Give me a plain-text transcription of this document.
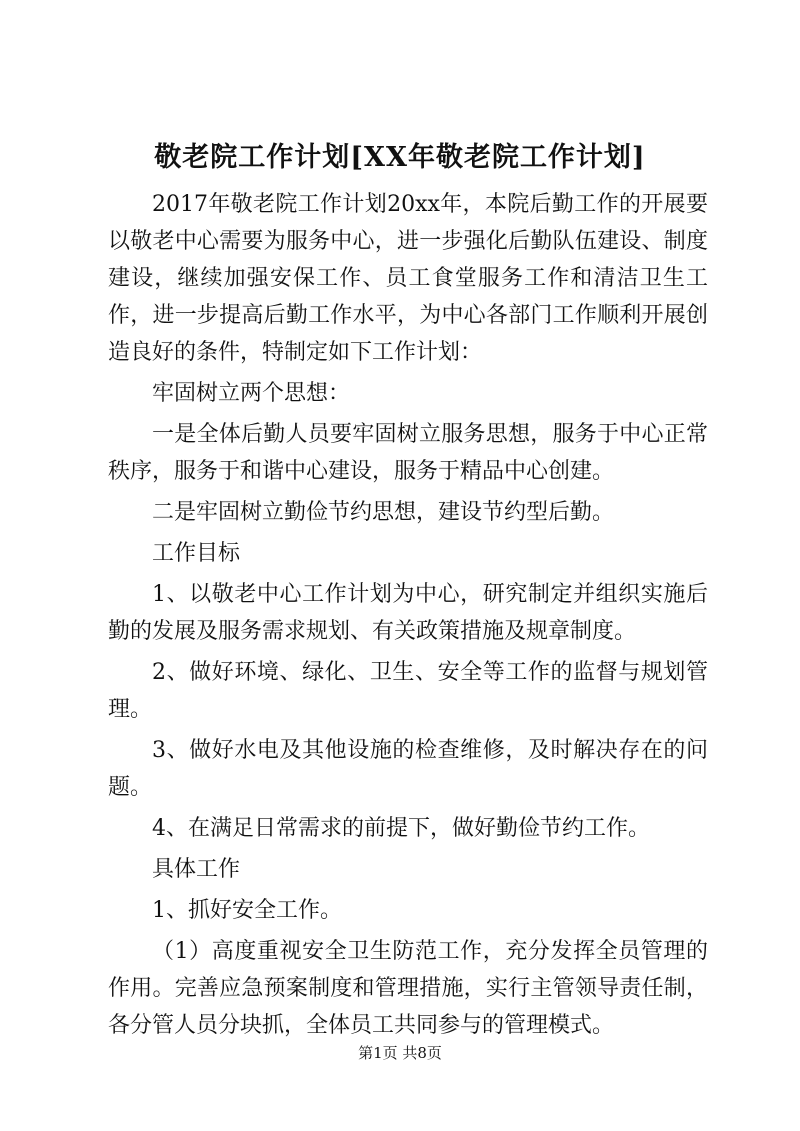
敬老院工作计划[XX年敬老院工作计划]

2017年敬老院工作计划20xx年，本院后勤工作的开展要以敬老中心需要为服务中心，进一步强化后勤队伍建设、制度建设，继续加强安保工作、员工食堂服务工作和清洁卫生工作，进一步提高后勤工作水平，为中心各部门工作顺利开展创造良好的条件，特制定如下工作计划：

牢固树立两个思想：

一是全体后勤人员要牢固树立服务思想，服务于中心正常秩序，服务于和谐中心建设，服务于精品中心创建。

二是牢固树立勤俭节约思想，建设节约型后勤。

工作目标

1、以敬老中心工作计划为中心，研究制定并组织实施后勤的发展及服务需求规划、有关政策措施及规章制度。

2、做好环境、绿化、卫生、安全等工作的监督与规划管理。

3、做好水电及其他设施的检查维修，及时解决存在的问题。

4、在满足日常需求的前提下，做好勤俭节约工作。

具体工作

1、抓好安全工作。

（1）高度重视安全卫生防范工作，充分发挥全员管理的作用。完善应急预案制度和管理措施，实行主管领导责任制，各分管人员分块抓，全体员工共同参与的管理模式。

第1页 共8页
